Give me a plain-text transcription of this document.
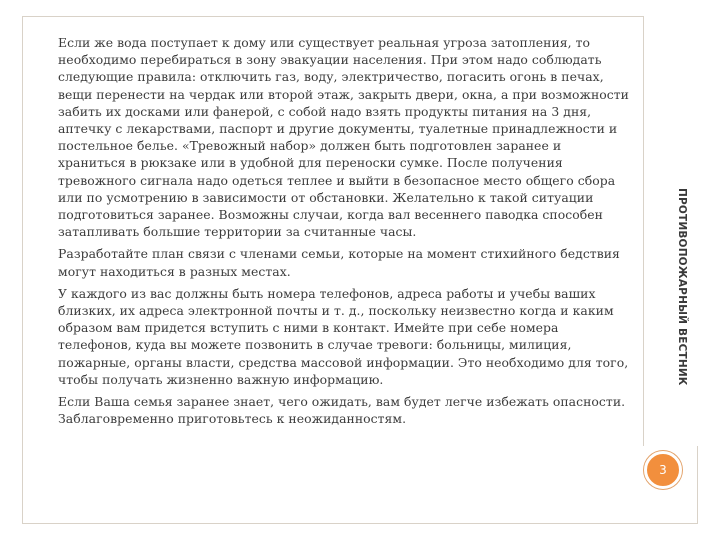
Если же вода поступает к дому или существует реальная угроза затопления, то необходимо перебираться в зону эвакуации населения. При этом надо соблюдать следующие правила: отключить газ, воду, электричество, погасить огонь в печах, вещи перенести на чердак или второй этаж, закрыть двери, окна, а при возможности забить их досками или фанерой, с собой надо взять продукты питания на 3 дня, аптечку с лекарствами, паспорт и другие документы, туалетные принадлежности и постельное белье. «Тревожный набор» должен быть подготовлен заранее и храниться в рюкзаке или в удобной для переноски сумке. После получения тревожного сигнала надо одеться теплее и выйти в безопасное место общего сбора или по усмотрению в зависимости от обстановки. Желательно к такой ситуации подготовиться заранее. Возможны случаи, когда вал весеннего паводка способен затапливать большие территории за считанные часы.

Разработайте план связи с членами семьи, которые на момент стихийного бедствия могут находиться в разных местах.

У каждого из вас должны быть номера телефонов, адреса работы и учебы ваших близких, их адреса электронной почты и т. д., поскольку неизвестно когда и каким образом вам придется вступить с ними в контакт. Имейте при себе номера телефонов, куда вы можете позвонить в случае тревоги: больницы, милиция, пожарные, органы власти, средства массовой информации. Это необходимо для того, чтобы получать жизненно важную информацию.

Если Ваша семья заранее знает, чего ожидать, вам будет легче избежать опасности. Заблаговременно приготовьтесь к неожиданностям.

ПРОТИВОПОЖАРНЫЙ ВЕСТНИК
3
